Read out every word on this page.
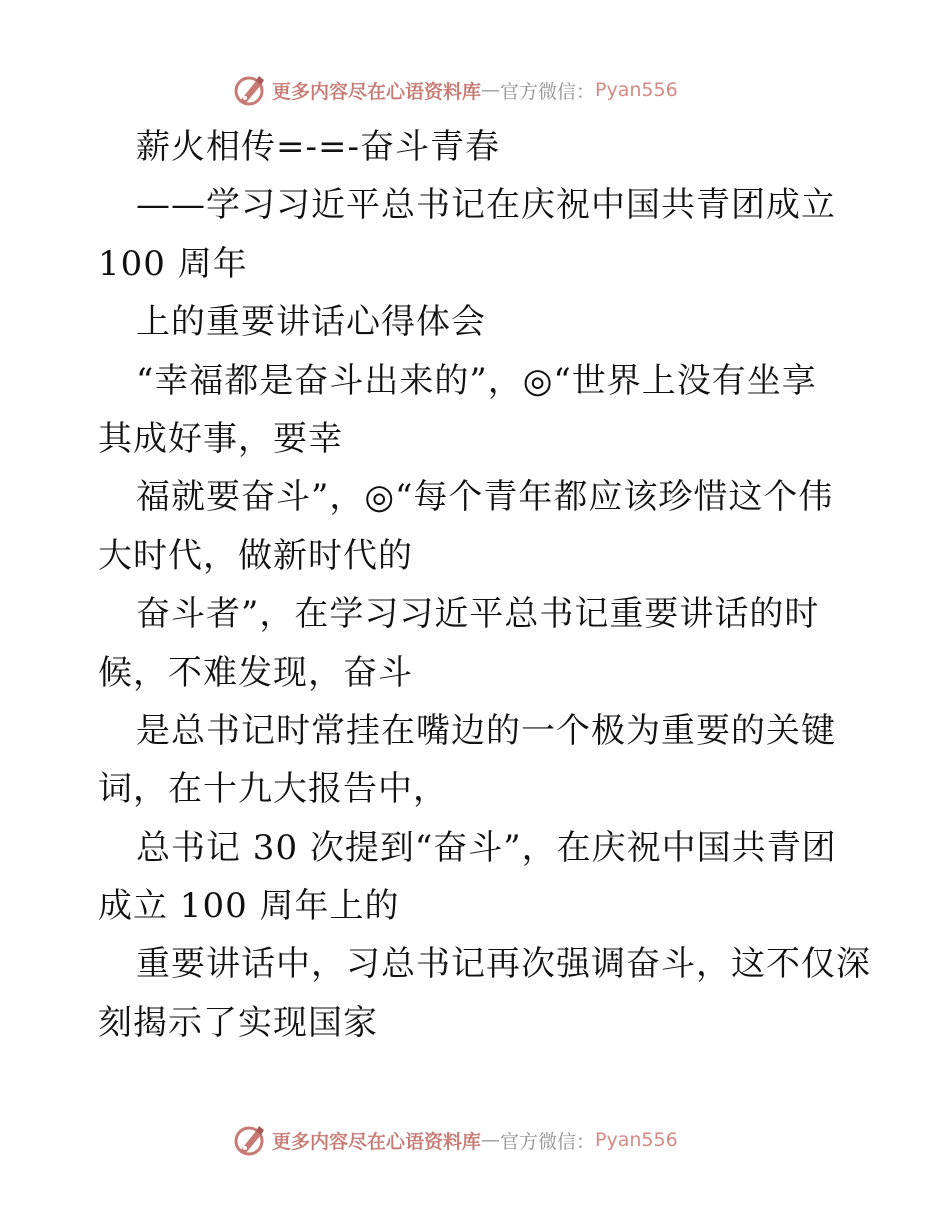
更多内容尽在心语资料库 — 官方微信： Pyan556
薪火相传=-=-奋斗青春
——学习习近平总书记在庆祝中国共青团成立
100 周年
上的重要讲话心得体会
“幸福都是奋斗出来的”，◎“世界上没有坐享
其成好事，要幸
福就要奋斗”，◎“每个青年都应该珍惜这个伟
大时代，做新时代的
奋斗者”，在学习习近平总书记重要讲话的时
候，不难发现，奋斗
是总书记时常挂在嘴边的一个极为重要的关键
词，在十九大报告中，
总书记 30 次提到“奋斗”，在庆祝中国共青团
成立 100 周年上的
重要讲话中，习总书记再次强调奋斗，这不仅深
刻揭示了实现国家
更多内容尽在心语资料库 — 官方微信： Pyan556
